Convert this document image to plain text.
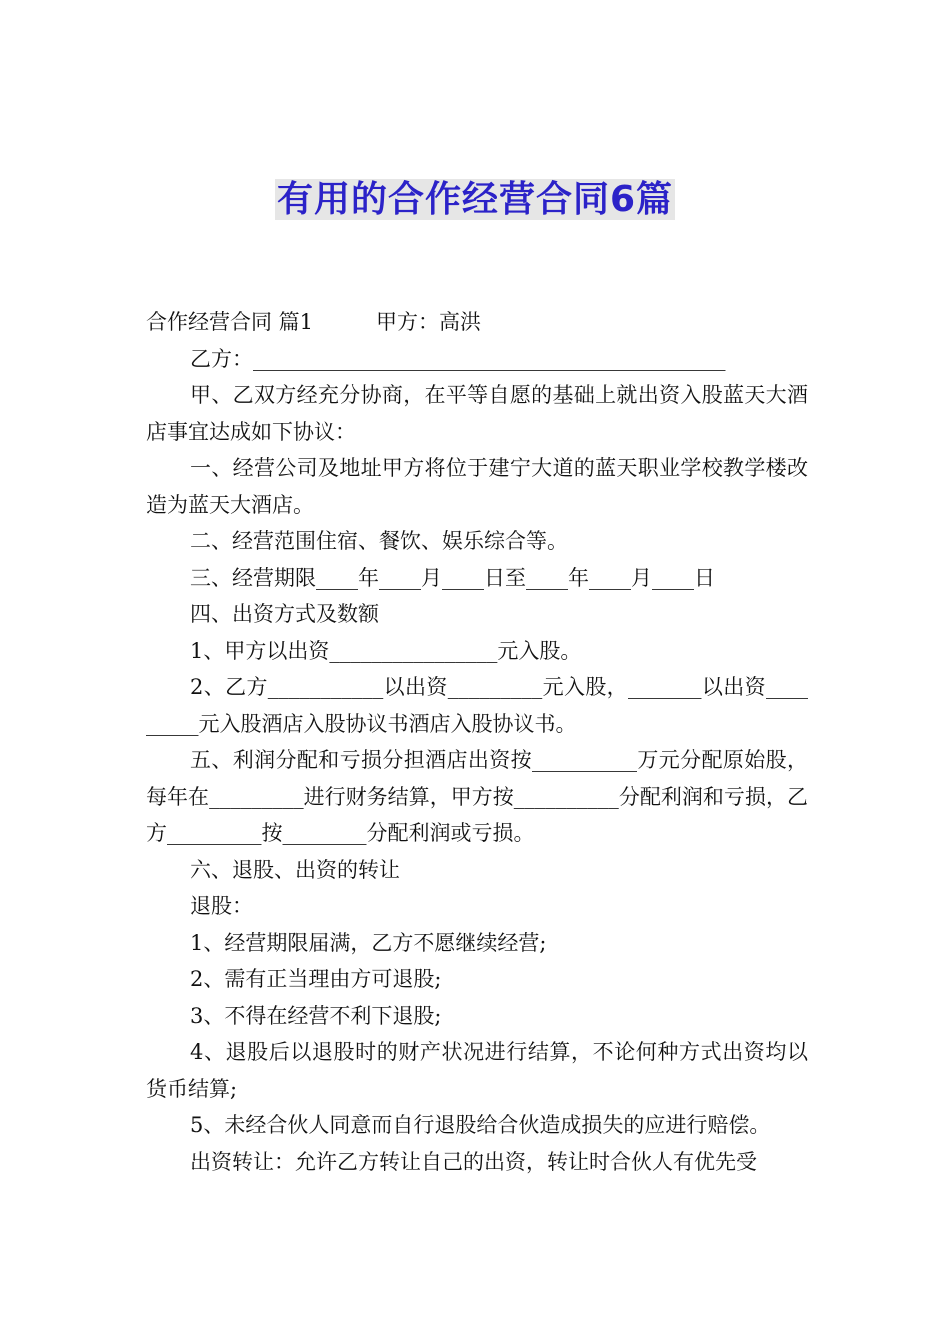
有用的合作经营合同6篇

合作经营合同 篇1　　　甲方：高洪

乙方：_____________________________________________

甲、乙双方经充分协商，在平等自愿的基础上就出资入股蓝天大酒店事宜达成如下协议：

一、经营公司及地址甲方将位于建宁大道的蓝天职业学校教学楼改造为蓝天大酒店。

二、经营范围住宿、餐饮、娱乐综合等。

三、经营期限____年____月____日至____年____月____日

四、出资方式及数额

1、甲方以出资________________元入股。

2、乙方___________以出资_________元入股，_______以出资_________元入股酒店入股协议书酒店入股协议书。

五、利润分配和亏损分担酒店出资按__________万元分配原始股，每年在_________进行财务结算，甲方按__________分配利润和亏损，乙方_________按________分配利润或亏损。

六、退股、出资的转让

退股：

1、经营期限届满，乙方不愿继续经营;

2、需有正当理由方可退股;

3、不得在经营不利下退股;

4、退股后以退股时的财产状况进行结算，不论何种方式出资均以货币结算;

5、未经合伙人同意而自行退股给合伙造成损失的应进行赔偿。

出资转让：允许乙方转让自己的出资，转让时合伙人有优先受
